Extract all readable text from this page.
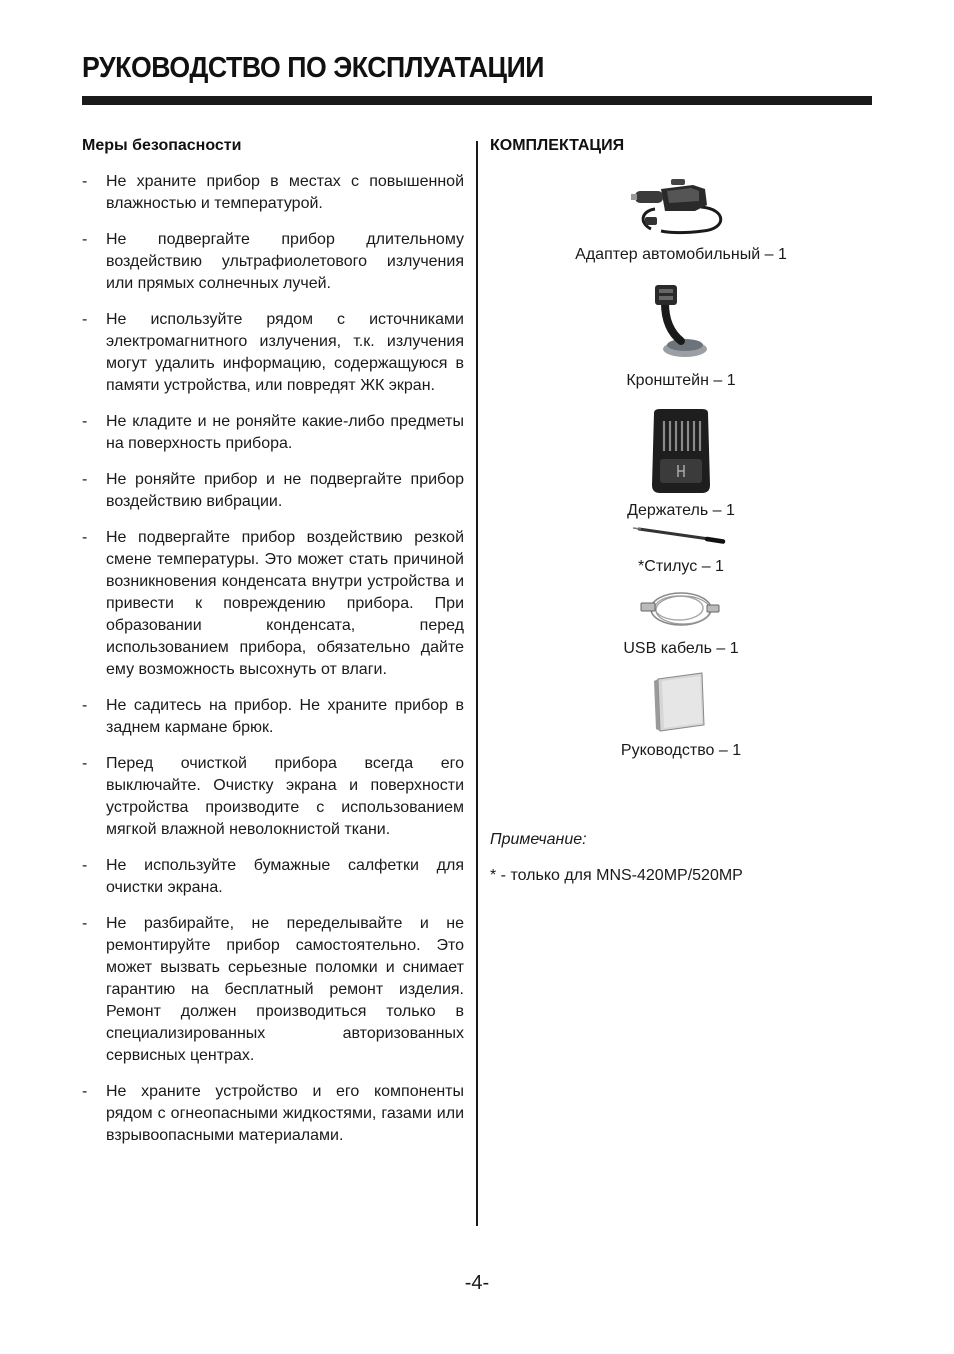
РУКОВОДСТВО ПО ЭКСПЛУАТАЦИИ
Меры безопасности
- Не храните прибор в местах с повышенной влажностью и температурой.
- Не подвергайте прибор длительному воздействию ультрафиолетового излучения или прямых солнечных лучей.
- Не используйте рядом с источниками электромагнитного излучения, т.к. излучения могут удалить информацию, содержащуюся в памяти устройства, или повредят ЖК экран.
- Не кладите и не роняйте какие-либо предметы на поверхность прибора.
- Не роняйте прибор и не подвергайте прибор воздействию вибрации.
- Не подвергайте прибор воздействию резкой смене температуры. Это может стать причиной возникновения конденсата внутри устройства и привести к повреждению прибора. При образовании конденсата, перед использованием прибора, обязательно дайте ему возможность высохнуть от влаги.
- Не садитесь на прибор. Не храните прибор в заднем кармане брюк.
- Перед очисткой прибора всегда его выключайте. Очистку экрана и поверхности устройства производите с использованием мягкой влажной неволокнистой ткани.
- Не используйте бумажные салфетки для очистки экрана.
- Не разбирайте, не переделывайте и не ремонтируйте прибор самостоятельно. Это может вызвать серьезные поломки и снимает гарантию на бесплатный ремонт изделия. Ремонт должен производиться только в специализированных авторизованных сервисных центрах.
- Не храните устройство и его компоненты рядом с огнеопасными жидкостями, газами или взрывоопасными материалами.
КОМПЛЕКТАЦИЯ
Адаптер автомобильный – 1
Кронштейн – 1
Держатель – 1
*Стилус – 1
USB кабель – 1
Руководство – 1
Примечание:
* - только для MNS-420MP/520MP
-4-
